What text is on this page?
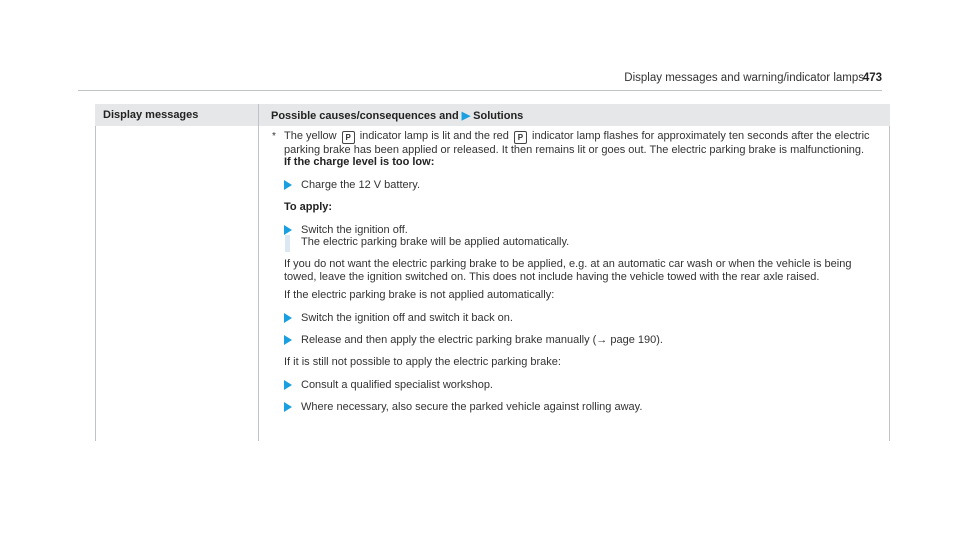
Display messages and warning/indicator lamps
473
Display messages	Possible causes/consequences and ▶ Solutions
* The yellow P indicator lamp is lit and the red P indicator lamp flashes for approximately ten seconds after the electric parking brake has been applied or released. It then remains lit or goes out. The electric parking brake is malfunctioning.

If the charge level is too low:

Charge the 12 V battery.

To apply:

Switch the ignition off.
The electric parking brake will be applied automatically.

If you do not want the electric parking brake to be applied, e.g. at an automatic car wash or when the vehicle is being towed, leave the ignition switched on. This does not include having the vehicle towed with the rear axle raised.

If the electric parking brake is not applied automatically:

Switch the ignition off and switch it back on.

Release and then apply the electric parking brake manually (→ page 190).

If it is still not possible to apply the electric parking brake:

Consult a qualified specialist workshop.

Where necessary, also secure the parked vehicle against rolling away.
